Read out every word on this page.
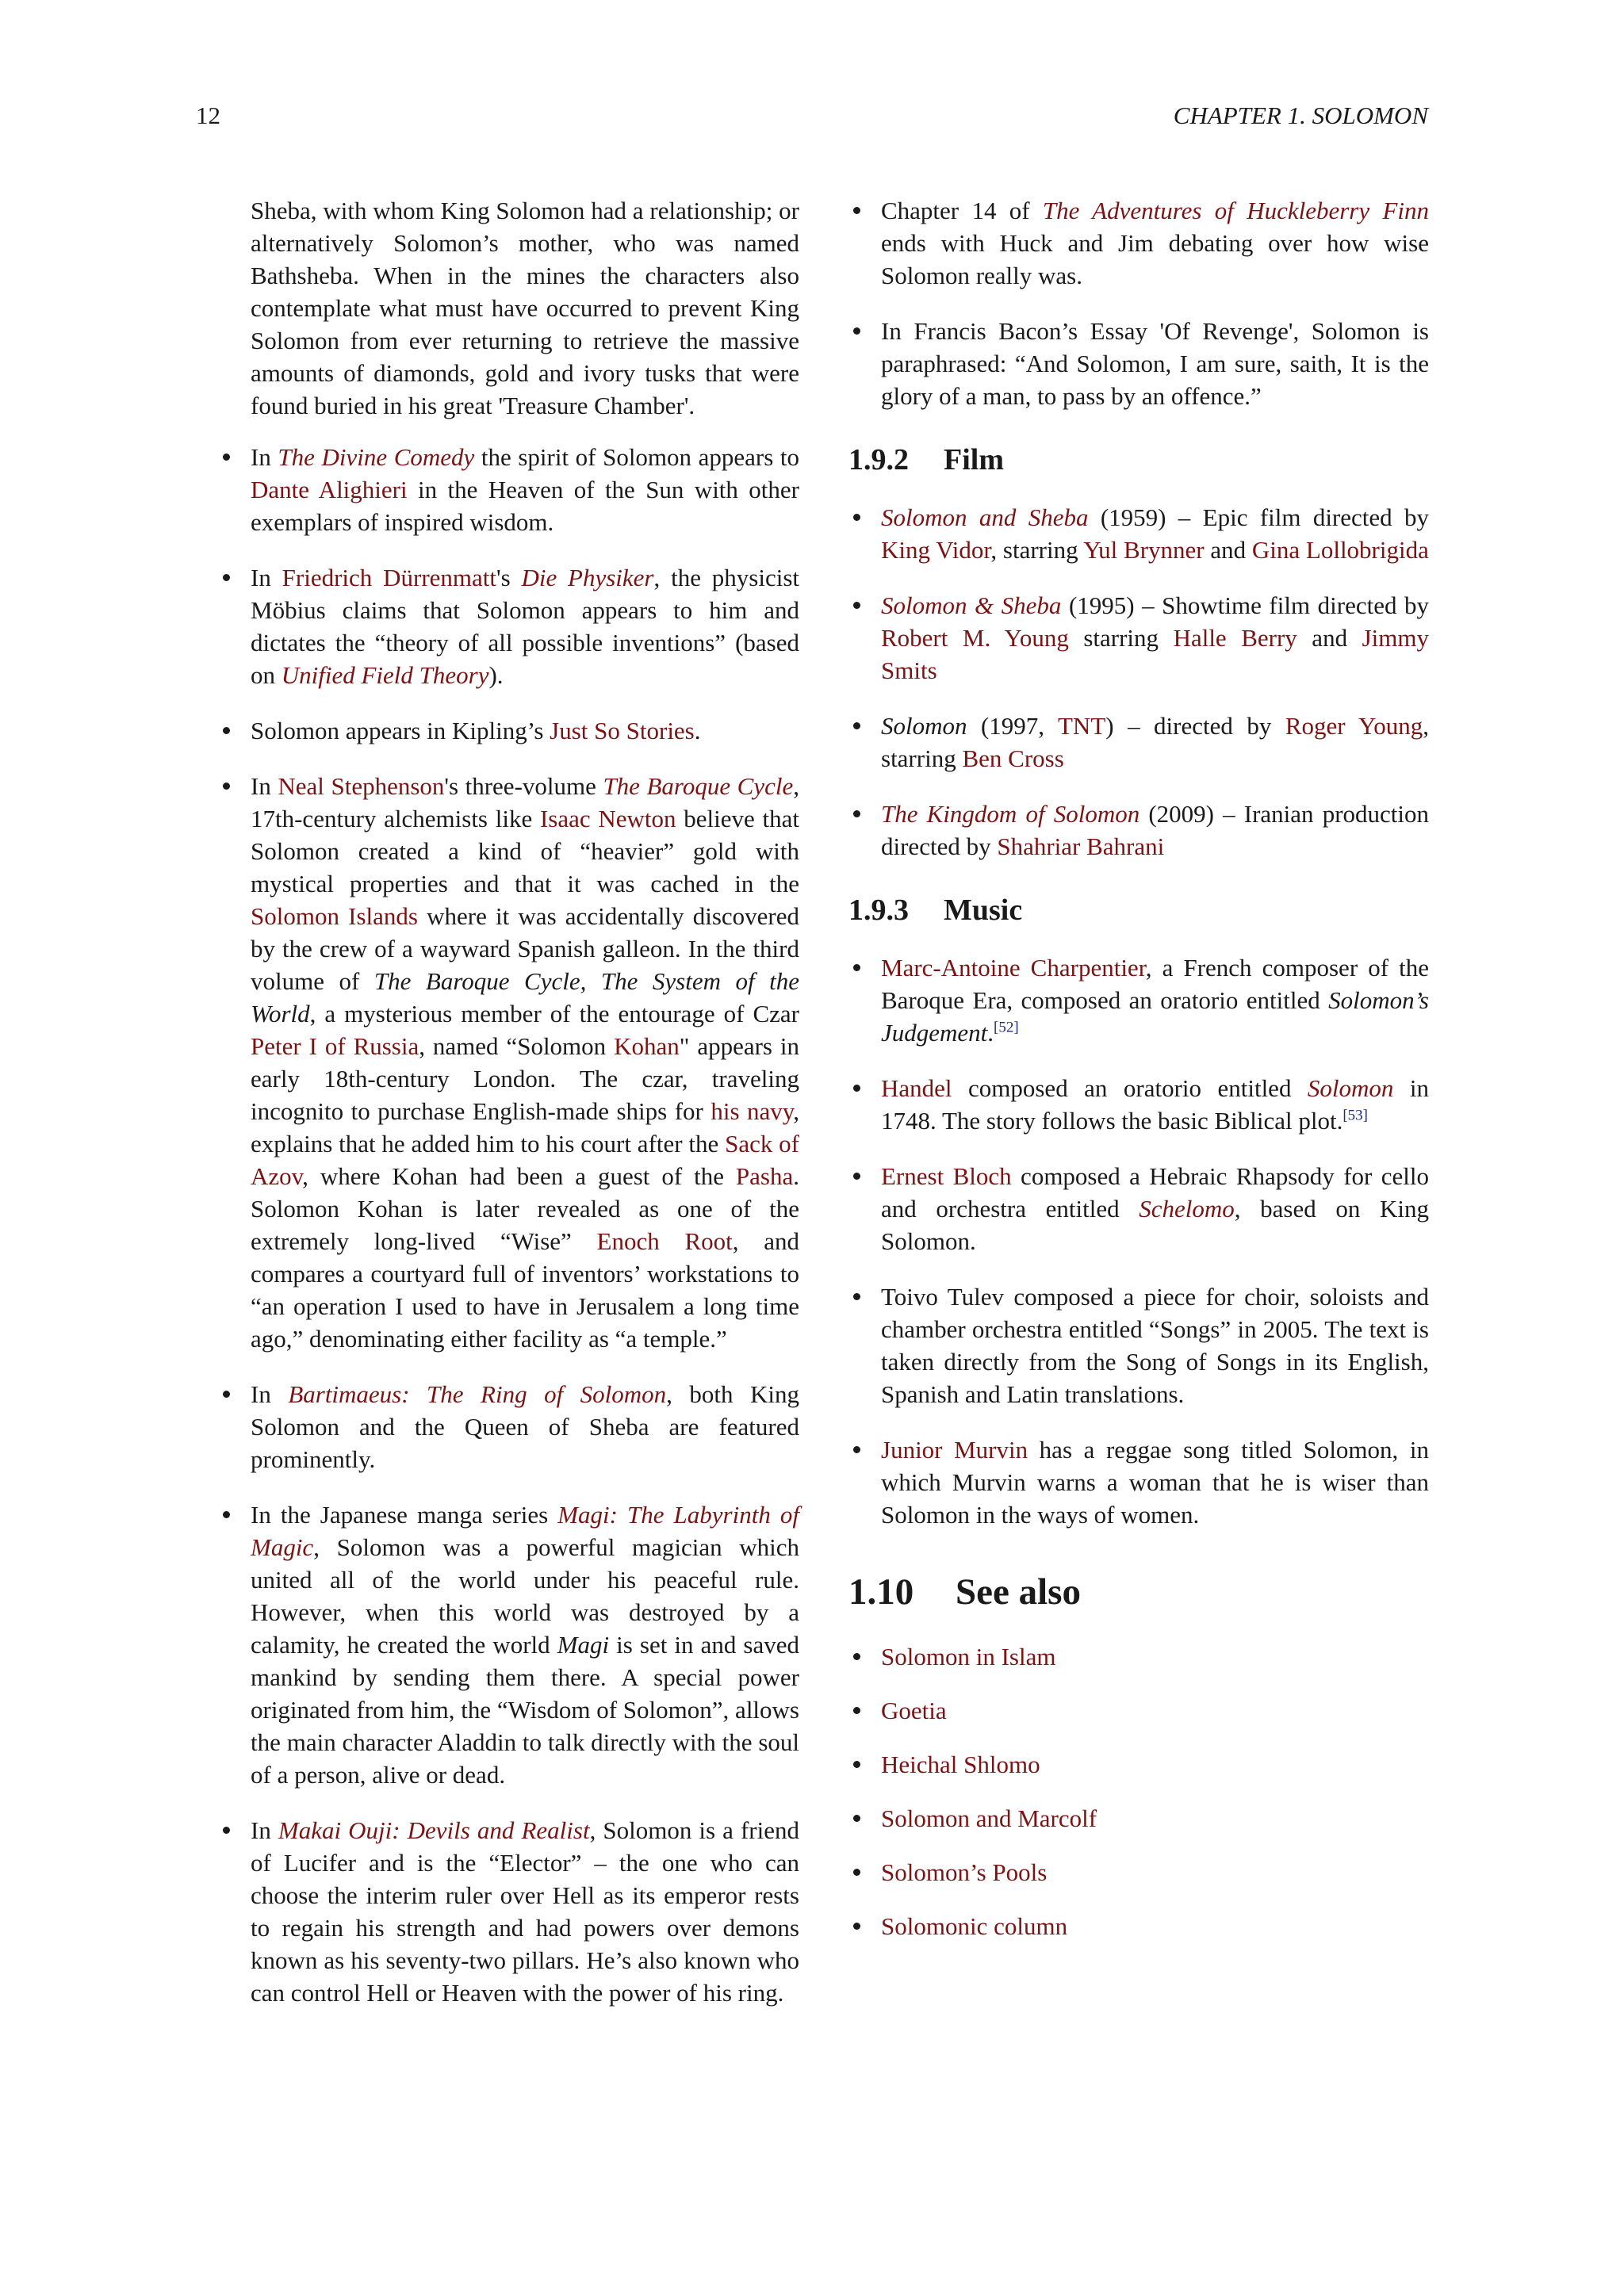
12	CHAPTER 1. SOLOMON

Sheba, with whom King Solomon had a relationship; or alternatively Solomon’s mother, who was named Bathsheba. When in the mines the characters also contemplate what must have occurred to prevent King Solomon from ever returning to retrieve the massive amounts of diamonds, gold and ivory tusks that were found buried in his great 'Treasure Chamber'.

In The Divine Comedy the spirit of Solomon appears to Dante Alighieri in the Heaven of the Sun with other exemplars of inspired wisdom.
In Friedrich Dürrenmatt's Die Physiker, the physicist Möbius claims that Solomon appears to him and dictates the “theory of all possible inventions” (based on Unified Field Theory).
Solomon appears in Kipling’s Just So Stories.
In Neal Stephenson's three-volume The Baroque Cycle, 17th-century alchemists like Isaac Newton believe that Solomon created a kind of “heavier” gold with mystical properties and that it was cached in the Solomon Islands where it was accidentally discovered by the crew of a wayward Spanish galleon. In the third volume of The Baroque Cycle, The System of the World, a mysterious member of the entourage of Czar Peter I of Russia, named “Solomon Kohan" appears in early 18th-century London. The czar, traveling incognito to purchase English-made ships for his navy, explains that he added him to his court after the Sack of Azov, where Kohan had been a guest of the Pasha. Solomon Kohan is later revealed as one of the extremely long-lived “Wise” Enoch Root, and compares a courtyard full of inventors’ workstations to “an operation I used to have in Jerusalem a long time ago,” denominating either facility as “a temple.”
In Bartimaeus: The Ring of Solomon, both King Solomon and the Queen of Sheba are featured prominently.
In the Japanese manga series Magi: The Labyrinth of Magic, Solomon was a powerful magician which united all of the world under his peaceful rule. However, when this world was destroyed by a calamity, he created the world Magi is set in and saved mankind by sending them there. A special power originated from him, the “Wisdom of Solomon”, allows the main character Aladdin to talk directly with the soul of a person, alive or dead.
In Makai Ouji: Devils and Realist, Solomon is a friend of Lucifer and is the “Elector” – the one who can choose the interim ruler over Hell as its emperor rests to regain his strength and had powers over demons known as his seventy-two pillars. He’s also known who can control Hell or Heaven with the power of his ring.
Chapter 14 of The Adventures of Huckleberry Finn ends with Huck and Jim debating over how wise Solomon really was.
In Francis Bacon’s Essay 'Of Revenge', Solomon is paraphrased: “And Solomon, I am sure, saith, It is the glory of a man, to pass by an offence.”
1.9.2 Film
Solomon and Sheba (1959) – Epic film directed by King Vidor, starring Yul Brynner and Gina Lollobrigida
Solomon & Sheba (1995) – Showtime film directed by Robert M. Young starring Halle Berry and Jimmy Smits
Solomon (1997, TNT) – directed by Roger Young, starring Ben Cross
The Kingdom of Solomon (2009) – Iranian production directed by Shahriar Bahrani
1.9.3 Music
Marc-Antoine Charpentier, a French composer of the Baroque Era, composed an oratorio entitled Solomon’s Judgement.[52]
Handel composed an oratorio entitled Solomon in 1748. The story follows the basic Biblical plot.[53]
Ernest Bloch composed a Hebraic Rhapsody for cello and orchestra entitled Schelomo, based on King Solomon.
Toivo Tulev composed a piece for choir, soloists and chamber orchestra entitled “Songs” in 2005. The text is taken directly from the Song of Songs in its English, Spanish and Latin translations.
Junior Murvin has a reggae song titled Solomon, in which Murvin warns a woman that he is wiser than Solomon in the ways of women.
1.10 See also
Solomon in Islam
Goetia
Heichal Shlomo
Solomon and Marcolf
Solomon’s Pools
Solomonic column
